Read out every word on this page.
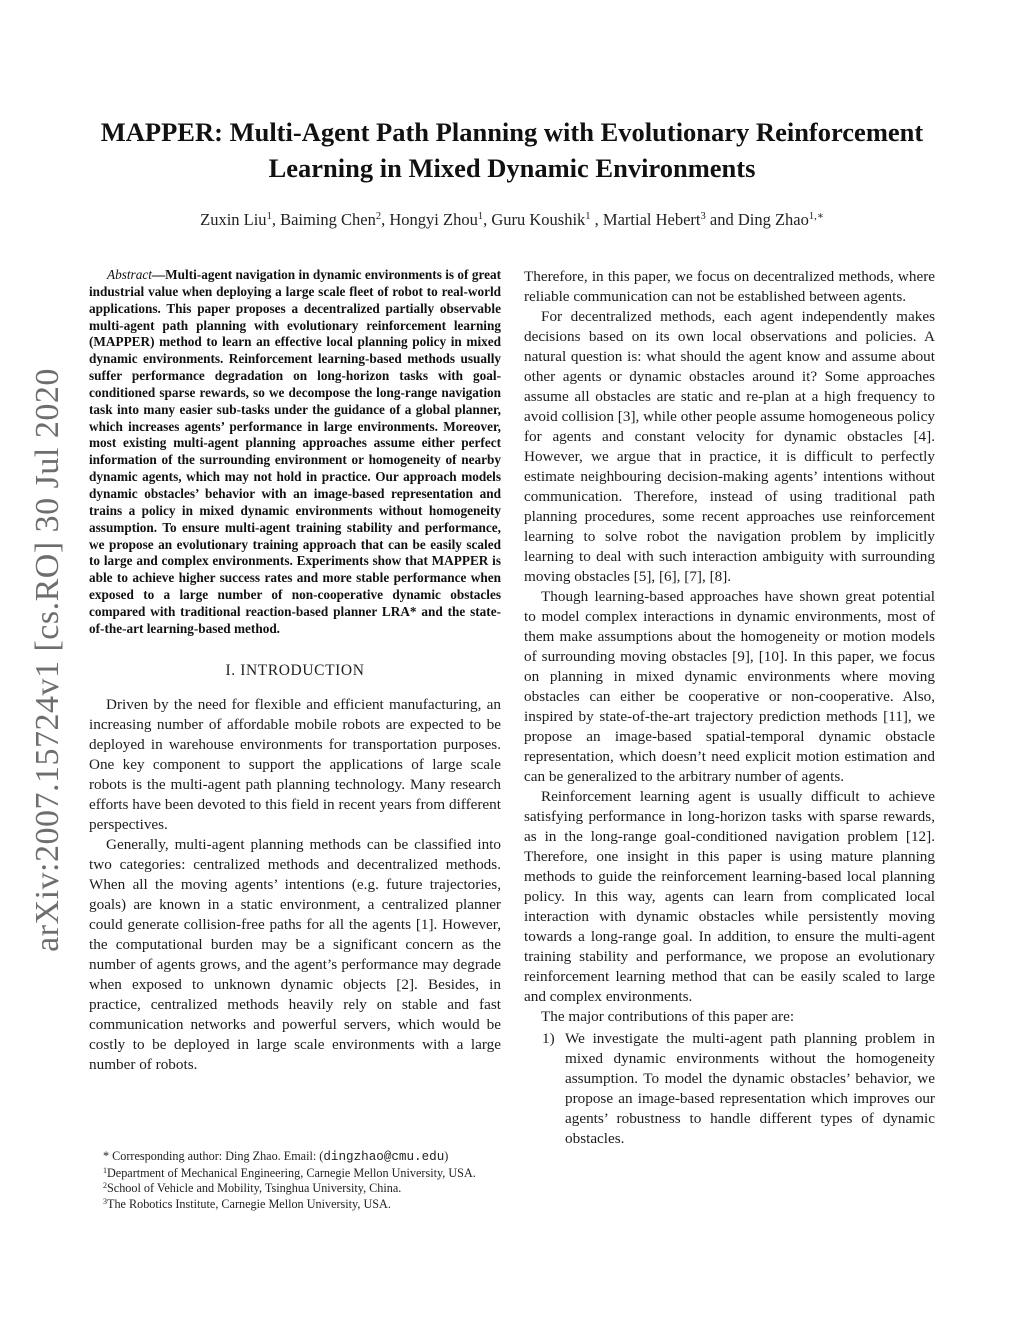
arXiv:2007.15724v1 [cs.RO] 30 Jul 2020
MAPPER: Multi-Agent Path Planning with Evolutionary Reinforcement
Learning in Mixed Dynamic Environments
Zuxin Liu$^1$, Baiming Chen$^2$, Hongyi Zhou$^1$, Guru Koushik$^1$ , Martial Hebert$^3$ and Ding Zhao$^{1,∗}$

Abstract—Multi-agent navigation in dynamic environments is of great industrial value when deploying a large scale fleet of robot to real-world applications. This paper proposes a decentralized partially observable multi-agent path planning with evolutionary reinforcement learning (MAPPER) method to learn an effective local planning policy in mixed dynamic environments. Reinforcement learning-based methods usually suffer performance degradation on long-horizon tasks with goal-conditioned sparse rewards, so we decompose the long-range navigation task into many easier sub-tasks under the guidance of a global planner, which increases agents’ performance in large environments. Moreover, most existing multi-agent planning approaches assume either perfect information of the surrounding environment or homogeneity of nearby dynamic agents, which may not hold in practice. Our approach models dynamic obstacles’ behavior with an image-based representation and trains a policy in mixed dynamic environments without homogeneity assumption. To ensure multi-agent training stability and performance, we propose an evolutionary training approach that can be easily scaled to large and complex environments. Experiments show that MAPPER is able to achieve higher success rates and more stable performance when exposed to a large number of non-cooperative dynamic obstacles compared with traditional reaction-based planner LRA* and the state-of-the-art learning-based method.

I. INTRODUCTION

Driven by the need for flexible and efficient manufacturing, an increasing number of affordable mobile robots are expected to be deployed in warehouse environments for transportation purposes. One key component to support the applications of large scale robots is the multi-agent path planning technology. Many research efforts have been devoted to this field in recent years from different perspectives.

Generally, multi-agent planning methods can be classified into two categories: centralized methods and decentralized methods. When all the moving agents’ intentions (e.g. future trajectories, goals) are known in a static environment, a centralized planner could generate collision-free paths for all the agents [1]. However, the computational burden may be a significant concern as the number of agents grows, and the agent’s performance may degrade when exposed to unknown dynamic objects [2]. Besides, in practice, centralized methods heavily rely on stable and fast communication networks and powerful servers, which would be costly to be deployed in large scale environments with a large number of robots.

* Corresponding author: Ding Zhao. Email: (dingzhao@cmu.edu)

$^1$Department of Mechanical Engineering, Carnegie Mellon University, USA.

$^2$School of Vehicle and Mobility, Tsinghua University, China.

$^3$The Robotics Institute, Carnegie Mellon University, USA.

Therefore, in this paper, we focus on decentralized methods, where reliable communication can not be established between agents.

For decentralized methods, each agent independently makes decisions based on its own local observations and policies. A natural question is: what should the agent know and assume about other agents or dynamic obstacles around it? Some approaches assume all obstacles are static and re-plan at a high frequency to avoid collision [3], while other people assume homogeneous policy for agents and constant velocity for dynamic obstacles [4]. However, we argue that in practice, it is difficult to perfectly estimate neighbouring decision-making agents’ intentions without communication. Therefore, instead of using traditional path planning procedures, some recent approaches use reinforcement learning to solve robot the navigation problem by implicitly learning to deal with such interaction ambiguity with surrounding moving obstacles [5], [6], [7], [8].

Though learning-based approaches have shown great potential to model complex interactions in dynamic environments, most of them make assumptions about the homogeneity or motion models of surrounding moving obstacles [9], [10]. In this paper, we focus on planning in mixed dynamic environments where moving obstacles can either be cooperative or non-cooperative. Also, inspired by state-of-the-art trajectory prediction methods [11], we propose an image-based spatial-temporal dynamic obstacle representation, which doesn’t need explicit motion estimation and can be generalized to the arbitrary number of agents.

Reinforcement learning agent is usually difficult to achieve satisfying performance in long-horizon tasks with sparse rewards, as in the long-range goal-conditioned navigation problem [12]. Therefore, one insight in this paper is using mature planning methods to guide the reinforcement learning-based local planning policy. In this way, agents can learn from complicated local interaction with dynamic obstacles while persistently moving towards a long-range goal. In addition, to ensure the multi-agent training stability and performance, we propose an evolutionary reinforcement learning method that can be easily scaled to large and complex environments.

The major contributions of this paper are:

1) We investigate the multi-agent path planning problem in mixed dynamic environments without the homogeneity assumption. To model the dynamic obstacles’ behavior, we propose an image-based representation which improves our agents’ robustness to handle different types of dynamic obstacles.
